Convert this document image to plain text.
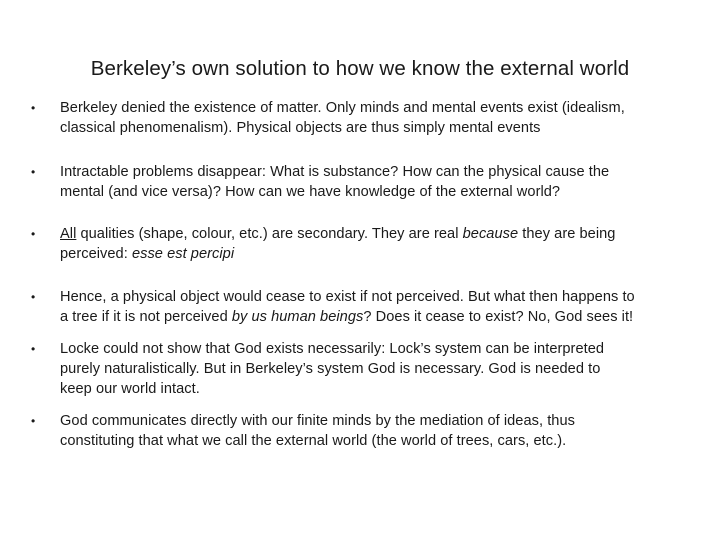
Berkeley’s own solution to how we know the external world
• Berkeley denied the existence of matter. Only minds and mental events exist (idealism,
classical phenomenalism). Physical objects are thus simply mental events
• Intractable problems disappear: What is substance? How can the physical cause the
mental (and vice versa)? How can we have knowledge of the external world?
• All qualities (shape, colour, etc.) are secondary. They are real because they are being
perceived: esse est percipi
• Hence, a physical object would cease to exist if not perceived. But what then happens to
a tree if it is not perceived by us human beings? Does it cease to exist? No, God sees it!
• Locke could not show that God exists necessarily: Lock’s system can be interpreted
purely naturalistically. But in Berkeley’s system God is necessary. God is needed to
keep our world intact.
• God communicates directly with our finite minds by the mediation of ideas, thus
constituting that what we call the external world (the world of trees, cars, etc.).
